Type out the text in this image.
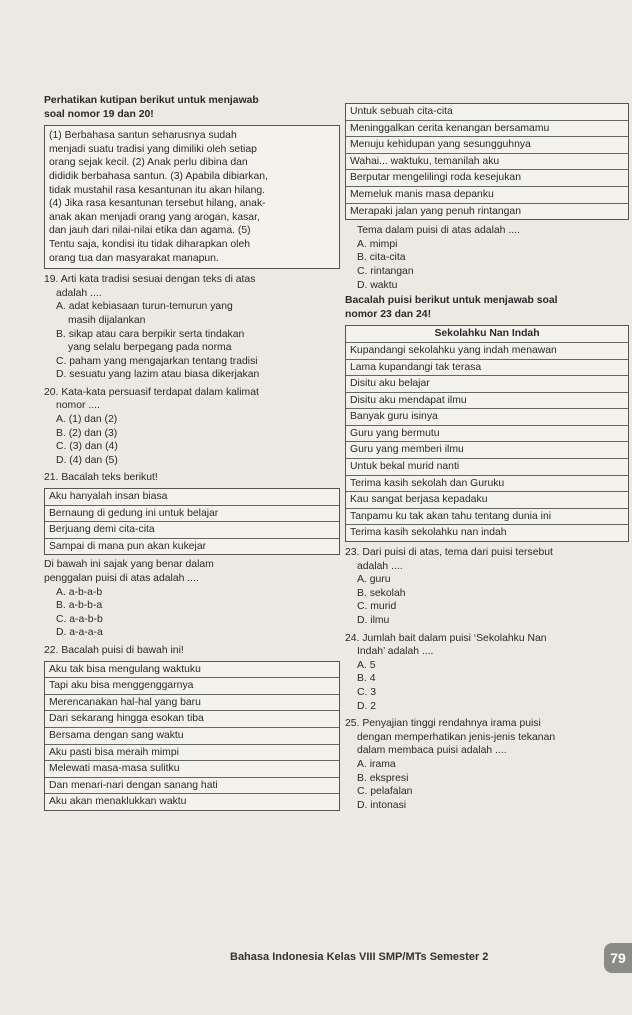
Perhatikan kutipan berikut untuk menjawab
soal nomor 19 dan 20!
(1) Berbahasa santun seharusnya sudah
menjadi suatu tradisi yang dimiliki oleh setiap
orang sejak kecil. (2) Anak perlu dibina dan
dididik berbahasa santun. (3) Apabila dibiarkan,
tidak mustahil rasa kesantunan itu akan hilang.
(4) Jika rasa kesantunan tersebut hilang, anak-
anak akan menjadi orang yang arogan, kasar,
dan jauh dari nilai-nilai etika dan agama. (5)
Tentu saja, kondisi itu tidak diharapkan oleh
orang tua dan masyarakat manapun.
19. Arti kata tradisi sesuai dengan teks di atas
adalah ....
A. adat kebiasaan turun-temurun yang
masih dijalankan
B. sikap atau cara berpikir serta tindakan
yang selalu berpegang pada norma
C. paham yang mengajarkan tentang tradisi
D. sesuatu yang lazim atau biasa dikerjakan
20. Kata-kata persuasif terdapat dalam kalimat
nomor ....
A. (1) dan (2)
B. (2) dan (3)
C. (3) dan (4)
D. (4) dan (5)
21. Bacalah teks berikut!
Aku hanyalah insan biasa
Bernaung di gedung ini untuk belajar
Berjuang demi cita-cita
Sampai di mana pun akan kukejar
Di bawah ini sajak yang benar dalam
penggalan puisi di atas adalah ....
A. a-b-a-b
B. a-b-b-a
C. a-a-b-b
D. a-a-a-a
22. Bacalah puisi di bawah ini!
Aku tak bisa mengulang waktuku
Tapi aku bisa menggenggarnya
Merencanakan hal-hal yang baru
Dari sekarang hingga esokan tiba
Bersama dengan sang waktu
Aku pasti bisa meraih mimpi
Melewati masa-masa sulitku
Dan menari-nari dengan sanang hati
Aku akan menaklukkan waktu
Untuk sebuah cita-cita
Meninggalkan cerita kenangan bersamamu
Menuju kehidupan yang sesungguhnya
Wahai... waktuku, temanilah aku
Berputar mengelilingi roda kesejukan
Memeluk manis masa depanku
Merapaki jalan yang penuh rintangan
Tema dalam puisi di atas adalah ....
A. mimpi
B. cita-cita
C. rintangan
D. waktu
Bacalah puisi berikut untuk menjawab soal
nomor 23 dan 24!
Sekolahku Nan Indah
Kupandangi sekolahku yang indah menawan
Lama kupandangi tak terasa
Disitu aku belajar
Disitu aku mendapat ilmu
Banyak guru isinya
Guru yang bermutu
Guru yang memberi ilmu
Untuk bekal murid nanti
Terima kasih sekolah dan Guruku
Kau sangat berjasa kepadaku
Tanpamu ku tak akan tahu tentang dunia ini
Terima kasih sekolahku nan indah
23. Dari puisi di atas, tema dari puisi tersebut
adalah ....
A. guru
B. sekolah
C. murid
D. ilmu
24. Jumlah bait dalam puisi ‘Sekolahku Nan
Indah’ adalah ....
A. 5
B. 4
C. 3
D. 2
25. Penyajian tinggi rendahnya irama puisi
dengan memperhatikan jenis-jenis tekanan
dalam membaca puisi adalah ....
A. irama
B. ekspresi
C. pelafalan
D. intonasi
Bahasa Indonesia Kelas VIII SMP/MTs Semester 2	79
